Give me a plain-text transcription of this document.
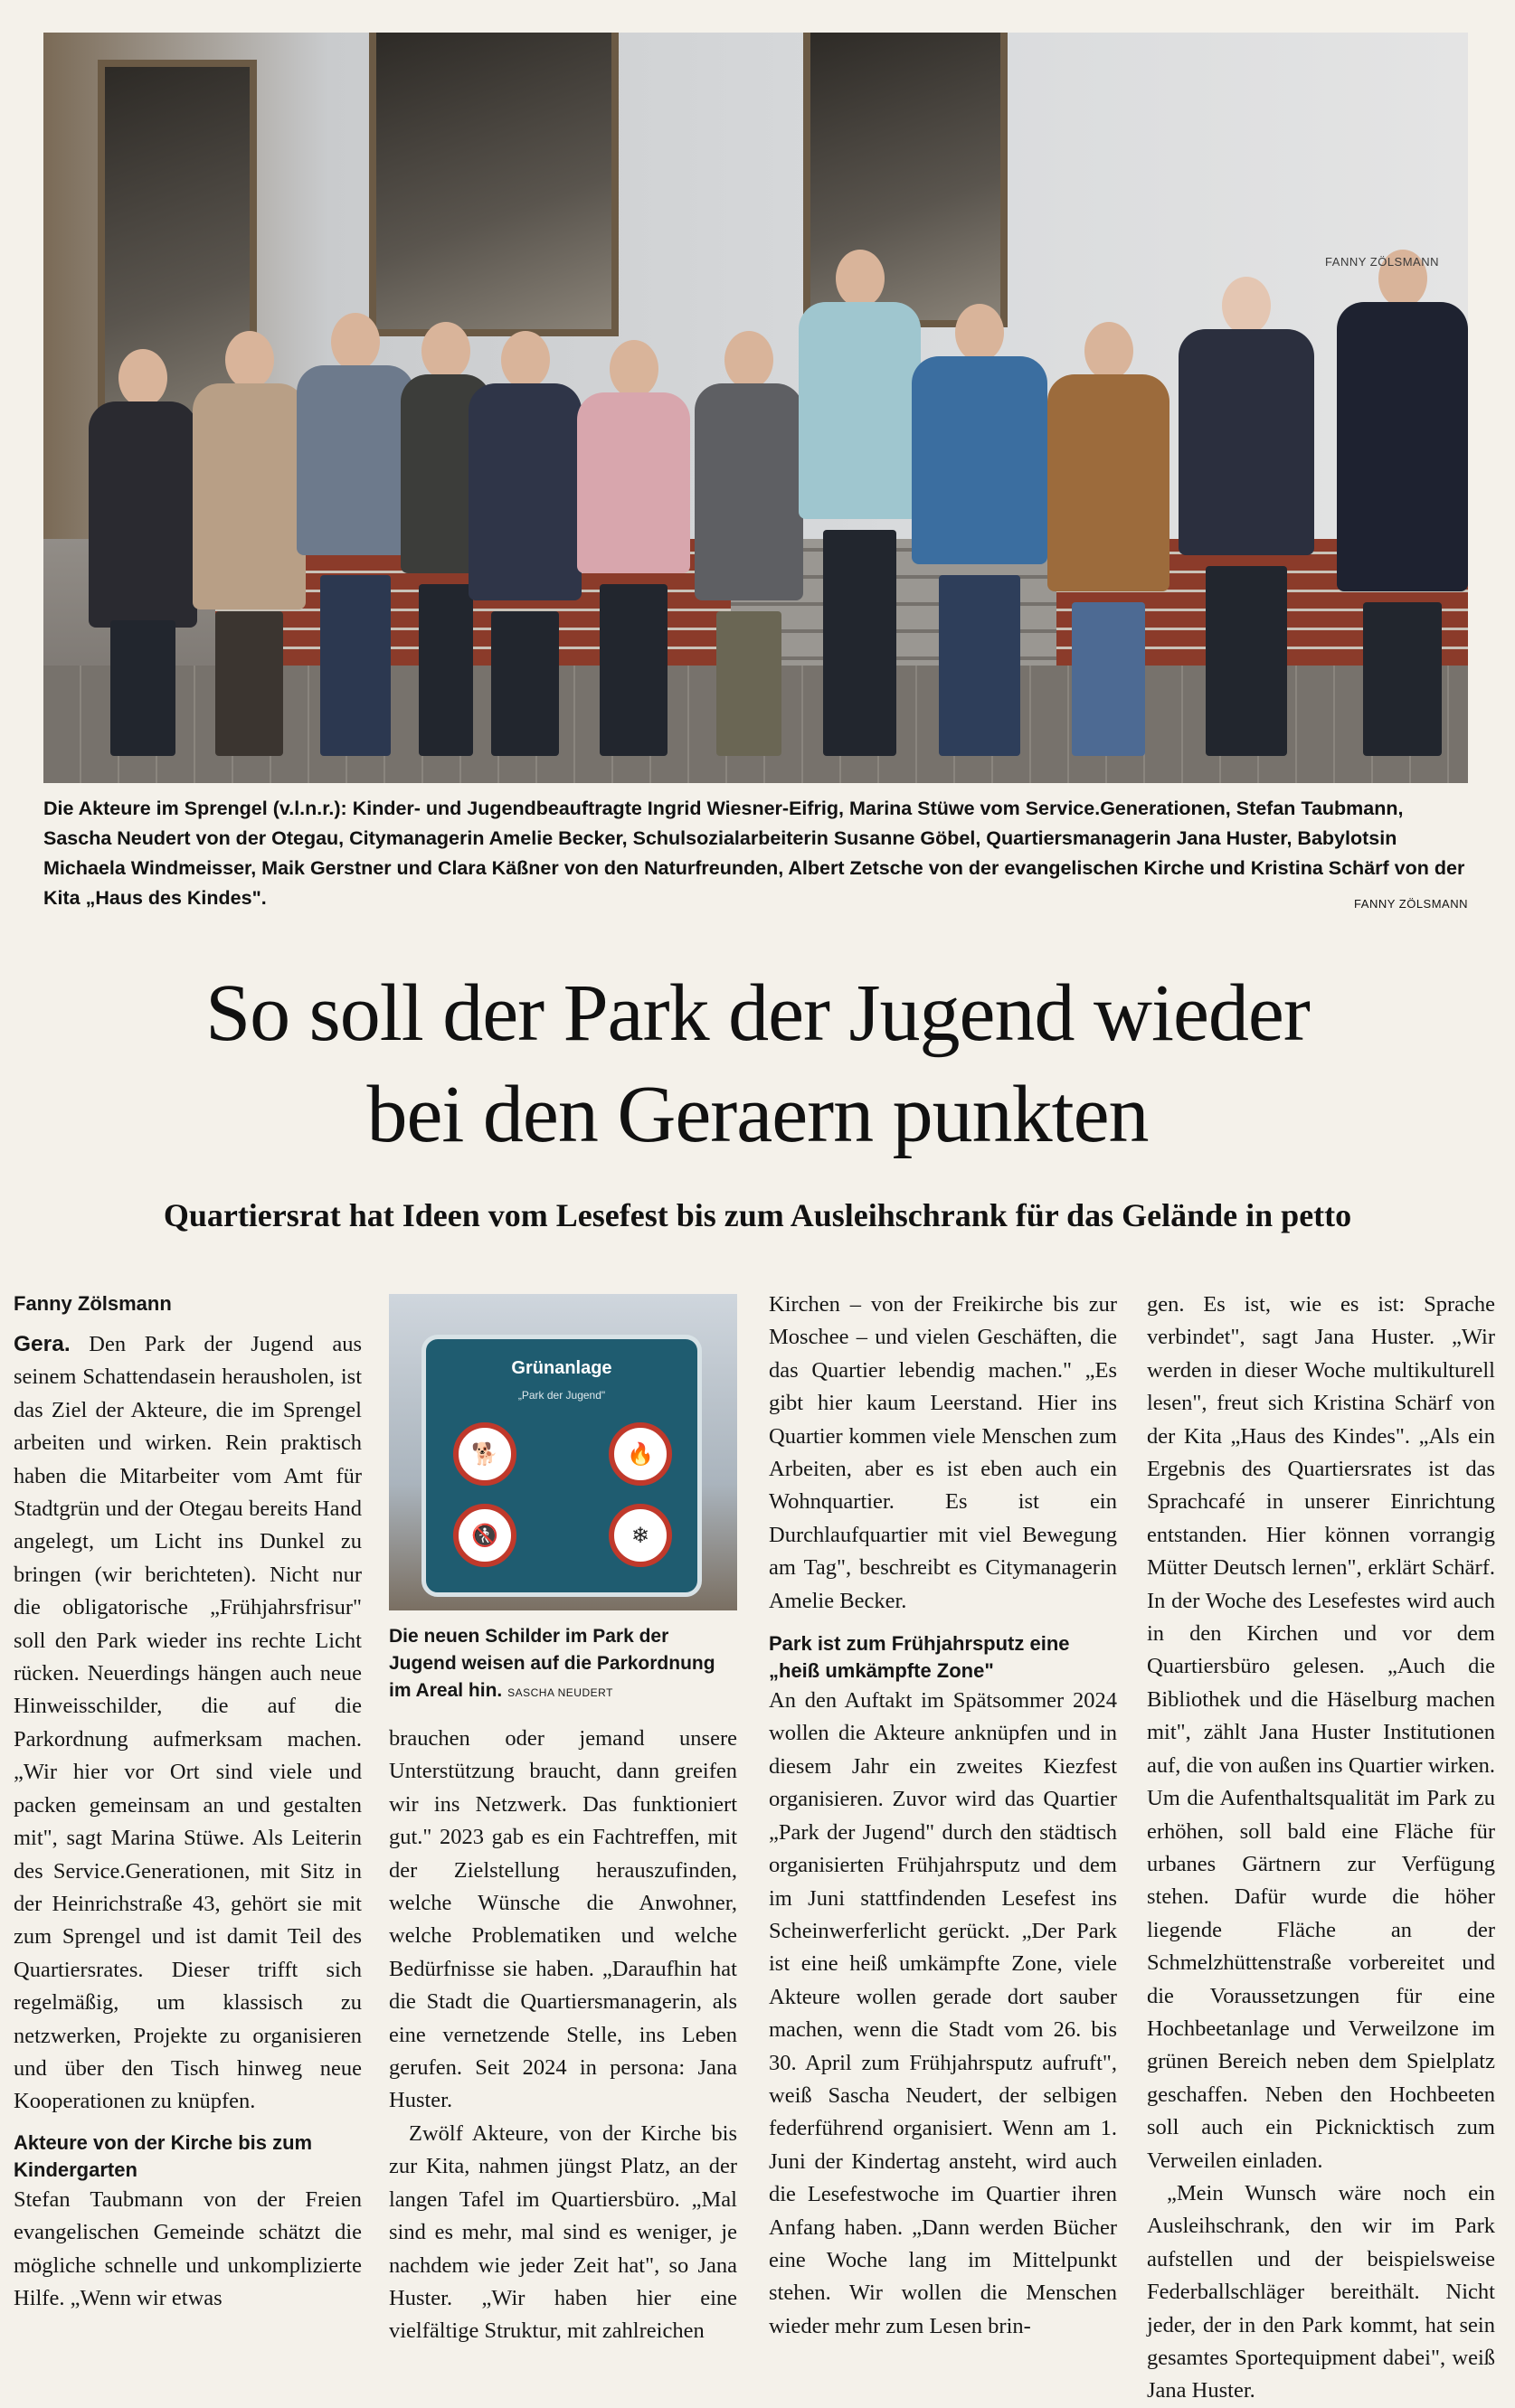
FANNY ZÖLSMANN
Die Akteure im Sprengel (v.l.n.r.): Kinder- und Jugendbeauftragte Ingrid Wiesner-Eifrig, Marina Stüwe vom Service.Generationen, Stefan Taubmann, Sascha Neudert von der Otegau, Citymanagerin Amelie Becker, Schulsozialarbeiterin Susanne Göbel, Quartiersmanagerin Jana Huster, Babylotsin Michaela Windmeisser, Maik Gerstner und Clara Käßner von den Naturfreunden, Albert Zetsche von der evangelischen Kirche und Kristina Schärf von der Kita „Haus des Kindes".	FANNY ZÖLSMANN
So soll der Park der Jugend wieder
bei den Geraern punkten
Quartiersrat hat Ideen vom Lesefest bis zum Ausleihschrank für das Gelände in petto

Fanny Zölsmann

Gera. Den Park der Jugend aus seinem Schattendasein herausholen, ist das Ziel der Akteure, die im Sprengel arbeiten und wirken. Rein praktisch haben die Mitarbeiter vom Amt für Stadtgrün und der Otegau bereits Hand angelegt, um Licht ins Dunkel zu bringen (wir berichteten). Nicht nur die obligatorische „Frühjahrsfrisur" soll den Park wieder ins rechte Licht rücken. Neuerdings hängen auch neue Hinweisschilder, die auf die Parkordnung aufmerksam machen. „Wir hier vor Ort sind viele und packen gemeinsam an und gestalten mit", sagt Marina Stüwe. Als Leiterin des Service.Generationen, mit Sitz in der Heinrichstraße 43, gehört sie mit zum Sprengel und ist damit Teil des Quartiersrates. Dieser trifft sich regelmäßig, um klassisch zu netzwerken, Projekte zu organisieren und über den Tisch hinweg neue Kooperationen zu knüpfen.

Akteure von der Kirche bis zum Kindergarten

Stefan Taubmann von der Freien evangelischen Gemeinde schätzt die mögliche schnelle und unkomplizierte Hilfe. „Wenn wir etwas

Grünanlage
„Park der Jugend"
🐕	🔥
🚷	❄

Die neuen Schilder im Park der Jugend weisen auf die Parkordnung im Areal hin. SASCHA NEUDERT

brauchen oder jemand unsere Unterstützung braucht, dann greifen wir ins Netzwerk. Das funktioniert gut." 2023 gab es ein Fachtreffen, mit der Zielstellung herauszufinden, welche Wünsche die Anwohner, welche Problematiken und welche Bedürfnisse sie haben. „Daraufhin hat die Stadt die Quartiersmanagerin, als eine vernetzende Stelle, ins Leben gerufen. Seit 2024 in persona: Jana Huster.

Zwölf Akteure, von der Kirche bis zur Kita, nahmen jüngst Platz, an der langen Tafel im Quartiersbüro. „Mal sind es mehr, mal sind es weniger, je nachdem wie jeder Zeit hat", so Jana Huster. „Wir haben hier eine vielfältige Struktur, mit zahlreichen

Kirchen – von der Freikirche bis zur Moschee – und vielen Geschäften, die das Quartier lebendig machen." „Es gibt hier kaum Leerstand. Hier ins Quartier kommen viele Menschen zum Arbeiten, aber es ist eben auch ein Wohnquartier. Es ist ein Durchlaufquartier mit viel Bewegung am Tag", beschreibt es Citymanagerin Amelie Becker.

Park ist zum Frühjahrsputz eine „heiß umkämpfte Zone"

An den Auftakt im Spätsommer 2024 wollen die Akteure anknüpfen und in diesem Jahr ein zweites Kiezfest organisieren. Zuvor wird das Quartier „Park der Jugend" durch den städtisch organisierten Frühjahrsputz und dem im Juni stattfindenden Lesefest ins Scheinwerferlicht gerückt. „Der Park ist eine heiß umkämpfte Zone, viele Akteure wollen gerade dort sauber machen, wenn die Stadt vom 26. bis 30. April zum Frühjahrsputz aufruft", weiß Sascha Neudert, der selbigen federführend organisiert. Wenn am 1. Juni der Kindertag ansteht, wird auch die Lesefestwoche im Quartier ihren Anfang haben. „Dann werden Bücher eine Woche lang im Mittelpunkt stehen. Wir wollen die Menschen wieder mehr zum Lesen brin-

gen. Es ist, wie es ist: Sprache verbindet", sagt Jana Huster. „Wir werden in dieser Woche multikulturell lesen", freut sich Kristina Schärf von der Kita „Haus des Kindes". „Als ein Ergebnis des Quartiersrates ist das Sprachcafé in unserer Einrichtung entstanden. Hier können vorrangig Mütter Deutsch lernen", erklärt Schärf. In der Woche des Lesefestes wird auch in den Kirchen und vor dem Quartiersbüro gelesen. „Auch die Bibliothek und die Häselburg machen mit", zählt Jana Huster Institutionen auf, die von außen ins Quartier wirken. Um die Aufenthaltsqualität im Park zu erhöhen, soll bald eine Fläche für urbanes Gärtnern zur Verfügung stehen. Dafür wurde die höher liegende Fläche an der Schmelzhüttenstraße vorbereitet und die Voraussetzungen für eine Hochbeetanlage und Verweilzone im grünen Bereich neben dem Spielplatz geschaffen. Neben den Hochbeeten soll auch ein Picknicktisch zum Verweilen einladen.

„Mein Wunsch wäre noch ein Ausleihschrank, den wir im Park aufstellen und der beispielsweise Federballschläger bereithält. Nicht jeder, der in den Park kommt, hat sein gesamtes Sportequipment dabei", weiß Jana Huster.
